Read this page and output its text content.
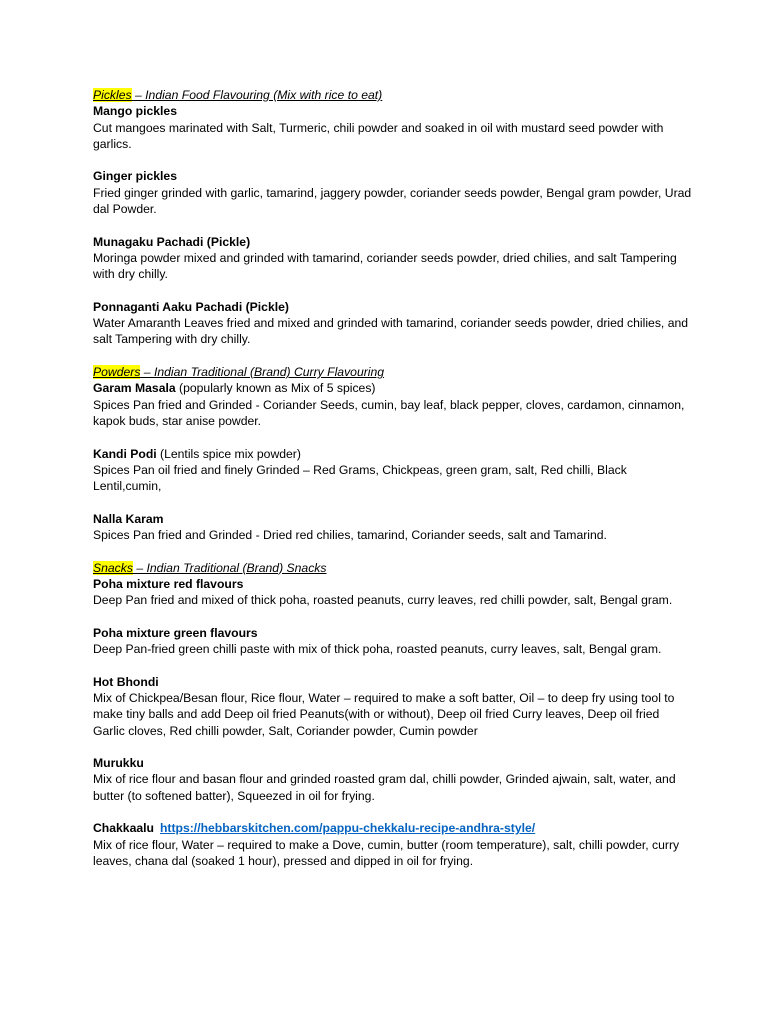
Pickles – Indian Food Flavouring (Mix with rice to eat)
Mango pickles
Cut mangoes marinated with Salt, Turmeric, chili powder and soaked in oil with mustard seed powder with garlics.
Ginger pickles
Fried ginger grinded with garlic, tamarind, jaggery powder, coriander seeds powder, Bengal gram powder, Urad dal Powder.
Munagaku Pachadi (Pickle)
Moringa powder mixed and grinded with tamarind, coriander seeds powder, dried chilies, and salt Tampering with dry chilly.
Ponnaganti Aaku Pachadi (Pickle)
Water Amaranth Leaves fried and mixed and grinded with tamarind, coriander seeds powder, dried chilies, and salt Tampering with dry chilly.
Powders – Indian Traditional (Brand) Curry Flavouring
Garam Masala (popularly known as Mix of 5 spices)
Spices Pan fried and Grinded - Coriander Seeds, cumin, bay leaf, black pepper, cloves, cardamon, cinnamon, kapok buds, star anise powder.
Kandi Podi (Lentils spice mix powder)
Spices Pan oil fried and finely Grinded – Red Grams, Chickpeas, green gram, salt, Red chilli, Black Lentil,cumin,
Nalla Karam
Spices Pan fried and Grinded - Dried red chilies, tamarind, Coriander seeds, salt and Tamarind.
Snacks – Indian Traditional (Brand) Snacks
Poha mixture red flavours
Deep Pan fried and mixed of thick poha, roasted peanuts, curry leaves, red chilli powder, salt, Bengal gram.
Poha mixture green flavours
Deep Pan-fried green chilli paste with mix of thick poha, roasted peanuts, curry leaves, salt, Bengal gram.
Hot Bhondi
Mix of Chickpea/Besan flour, Rice flour, Water – required to make a soft batter, Oil – to deep fry using tool to make tiny balls and add Deep oil fried Peanuts(with or without), Deep oil fried Curry leaves, Deep oil fried Garlic cloves, Red chilli powder, Salt, Coriander powder, Cumin powder
Murukku
Mix of rice flour and basan flour and grinded roasted gram dal, chilli powder, Grinded ajwain, salt, water, and butter (to softened batter), Squeezed in oil for frying.
Chakkaalu https://hebbarskitchen.com/pappu-chekkalu-recipe-andhra-style/
Mix of rice flour, Water – required to make a Dove, cumin, butter (room temperature), salt, chilli powder, curry leaves, chana dal (soaked 1 hour), pressed and dipped in oil for frying.
